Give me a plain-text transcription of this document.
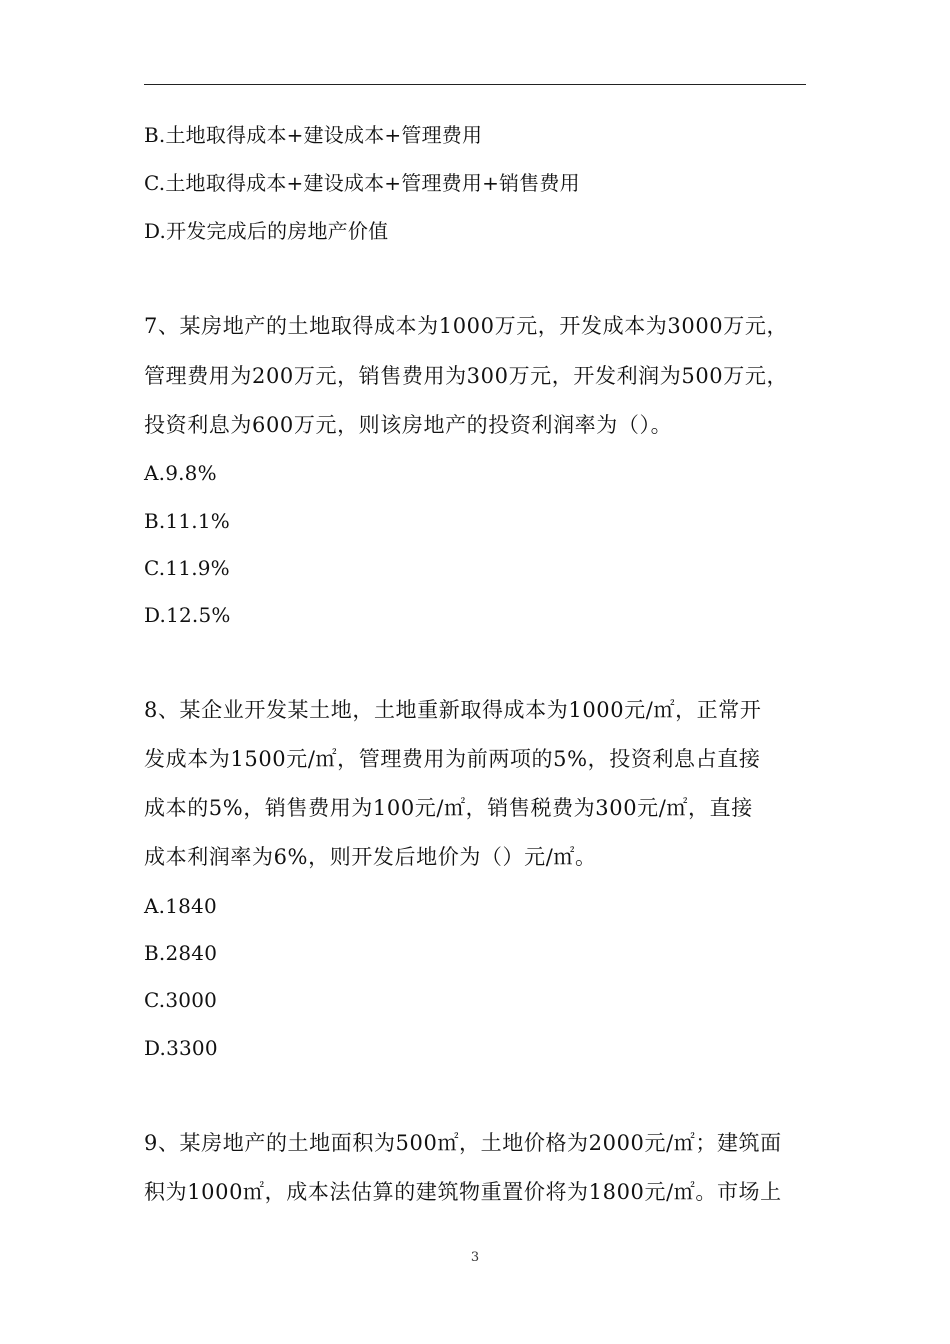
B.土地取得成本+建设成本+管理费用
C.土地取得成本+建设成本+管理费用+销售费用
D.开发完成后的房地产价值
7、某房地产的土地取得成本为1000万元，开发成本为3000万元，
管理费用为200万元，销售费用为300万元，开发利润为500万元，
投资利息为600万元，则该房地产的投资利润率为（）。
A.9.8%
B.11.1%
C.11.9%
D.12.5%
8、某企业开发某土地，土地重新取得成本为1000元/㎡，正常开
发成本为1500元/㎡，管理费用为前两项的5%，投资利息占直接
成本的5%，销售费用为100元/㎡，销售税费为300元/㎡，直接
成本利润率为6%，则开发后地价为（）元/㎡。
A.1840
B.2840
C.3000
D.3300
9、某房地产的土地面积为500㎡，土地价格为2000元/㎡；建筑面
积为1000㎡，成本法估算的建筑物重置价将为1800元/㎡。市场上
3
